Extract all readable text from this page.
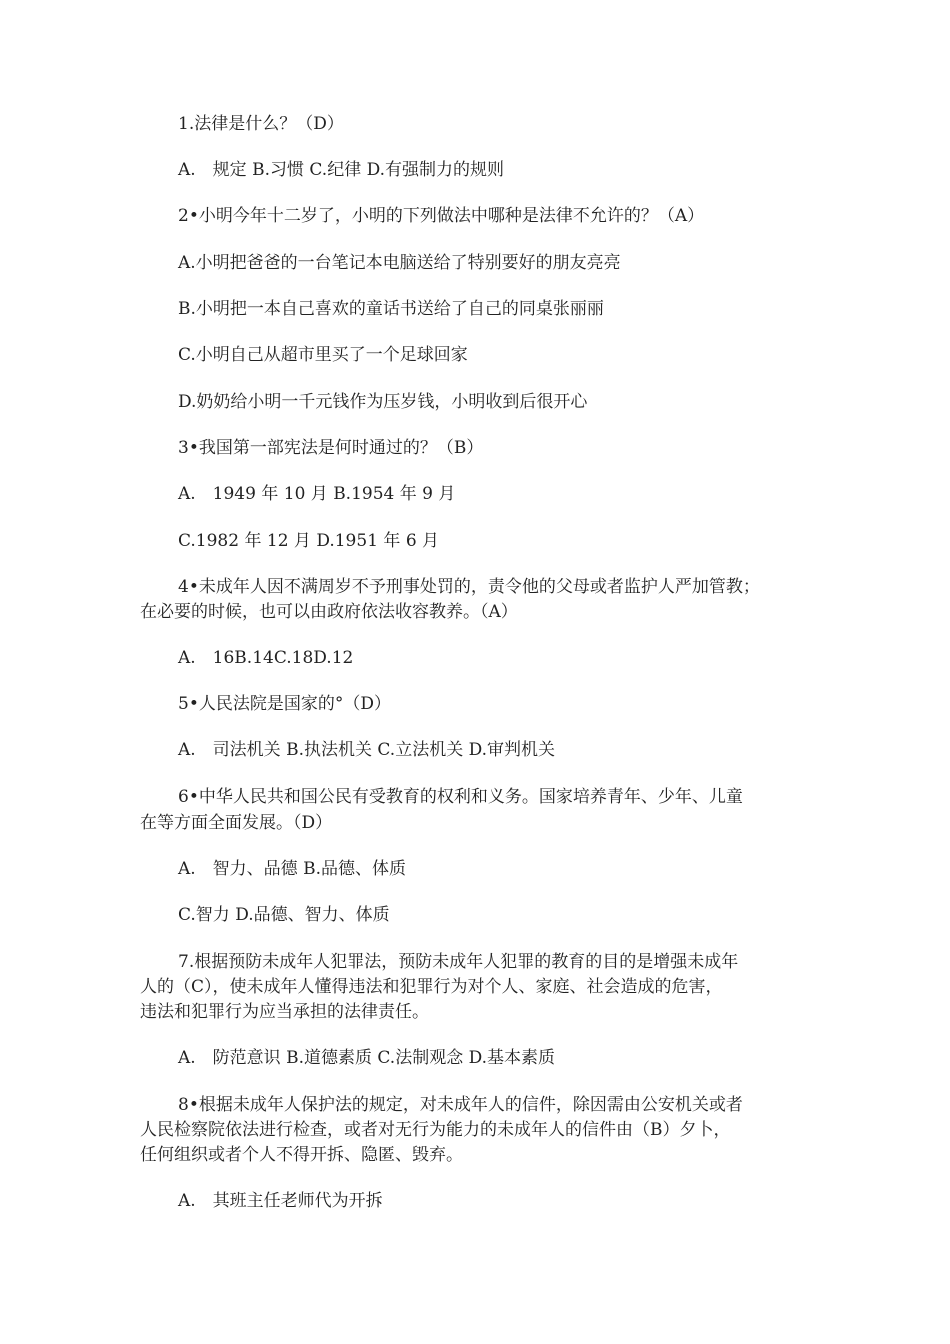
1.法律是什么？（D）
A.　规定 B.习惯 C.纪律 D.有强制力的规则
2•小明今年十二岁了，小明的下列做法中哪种是法律不允许的？（A）
A.小明把爸爸的一台笔记本电脑送给了特别要好的朋友亮亮
B.小明把一本自己喜欢的童话书送给了自己的同桌张丽丽
C.小明自己从超市里买了一个足球回家
D.奶奶给小明一千元钱作为压岁钱，小明收到后很开心
3•我国第一部宪法是何时通过的？（B）
A.　1949 年 10 月 B.1954 年 9 月
C.1982 年 12 月 D.1951 年 6 月
4•未成年人因不满周岁不予刑事处罚的，责令他的父母或者监护人严加管教；
在必要的时候，也可以由政府依法收容教养。（A）
A.　16B.14C.18D.12
5•人民法院是国家的°（D）
A.　司法机关 B.执法机关 C.立法机关 D.审判机关
6•中华人民共和国公民有受教育的权利和义务。国家培养青年、少年、儿童
在等方面全面发展。（D）
A.　智力、品德 B.品德、体质
C.智力 D.品德、智力、体质
7.根据预防未成年人犯罪法，预防未成年人犯罪的教育的目的是增强未成年
人的（C），使未成年人懂得违法和犯罪行为对个人、家庭、社会造成的危害，
违法和犯罪行为应当承担的法律责任。
A.　防范意识 B.道德素质 C.法制观念 D.基本素质
8•根据未成年人保护法的规定，对未成年人的信件，除因需由公安机关或者
人民检察院依法进行检查，或者对无行为能力的未成年人的信件由（B）夕卜，
任何组织或者个人不得开拆、隐匿、毁弃。
A.　其班主任老师代为开拆
